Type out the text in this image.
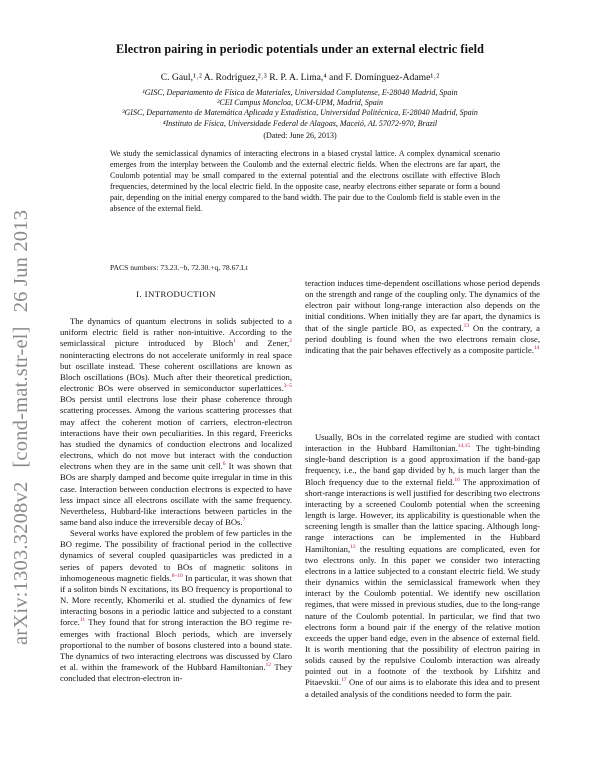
arXiv:1303.3208v2[cond-mat.str-el]26 Jun 2013
Electron pairing in periodic potentials under an external electric field
C. Gaul,¹˒² A. Rodríguez,²˒³ R. P. A. Lima,⁴ and F. Domínguez-Adame¹˒²
¹GISC, Departamento de Física de Materiales, Universidad Complutense, E-28040 Madrid, Spain
²CEI Campus Moncloa, UCM-UPM, Madrid, Spain
³GISC, Departamento de Matemática Aplicada y Estadística, Universidad Politécnica, E-28040 Madrid, Spain
⁴Instituto de Física, Universidade Federal de Alagoas, Maceió, AL 57072-970, Brazil
(Dated: June 26, 2013)
We study the semiclassical dynamics of interacting electrons in a biased crystal lattice. A complex dynamical scenario emerges from the interplay between the Coulomb and the external electric fields. When the electrons are far apart, the Coulomb potential may be small compared to the external potential and the electrons oscillate with effective Bloch frequencies, determined by the local electric field. In the opposite case, nearby electrons either separate or form a bound pair, depending on the initial energy compared to the band width. The pair due to the Coulomb field is stable even in the absence of the external field.
PACS numbers: 73.23.−b, 72.30.+q, 78.67.Lt
I. INTRODUCTION

The dynamics of quantum electrons in solids subjected to a uniform electric field is rather non-intuitive. According to the semiclassical picture introduced by Bloch$^1$ and Zener,$^2$ noninteracting electrons do not accelerate uniformly in real space but oscillate instead. These coherent oscillations are known as Bloch oscillations (BOs). Much after their theoretical prediction, electronic BOs were observed in semiconductor superlattices.$^{3-5}$ BOs persist until electrons lose their phase coherence through scattering processes. Among the various scattering processes that may affect the coherent motion of carriers, electron-electron interactions have their own peculiarities. In this regard, Freericks has studied the dynamics of conduction electrons and localized electrons, which do not move but interact with the conduction electrons when they are in the same unit cell.$^6$ It was shown that BOs are sharply damped and become quite irregular in time in this case. Interaction between conduction electrons is expected to have less impact since all electrons oscillate with the same frequency. Nevertheless, Hubbard-like interactions between particles in the same band also induce the irreversible decay of BOs.$^7$

Several works have explored the problem of few particles in the BO regime. The possibility of fractional period in the collective dynamics of several coupled quasiparticles was predicted in a series of papers devoted to BOs of magnetic solitons in inhomogeneous magnetic fields.$^{8-10}$ In particular, it was shown that if a soliton binds N excitations, its BO frequency is proportional to N. More recently, Khomeriki et al. studied the dynamics of few interacting bosons in a periodic lattice and subjected to a constant force.$^{11}$ They found that for strong interaction the BO regime re-emerges with fractional Bloch periods, which are inversely proportional to the number of bosons clustered into a bound state. The dynamics of two interacting electrons was discussed by Claro et al. within the framework of the Hubbard Hamiltonian.$^{12}$ They concluded that electron-electron in-

teraction induces time-dependent oscillations whose period depends on the strength and range of the coupling only. The dynamics of the electron pair without long-range interaction also depends on the initial conditions. When initially they are far apart, the dynamics is that of the single particle BO, as expected.$^{13}$ On the contrary, a period doubling is found when the two electrons remain close, indicating that the pair behaves effectively as a composite particle.$^{14}$

Usually, BOs in the correlated regime are studied with contact interaction in the Hubbard Hamiltonian.$^{14,15}$ The tight-binding single-band description is a good approximation if the band-gap frequency, i.e., the band gap divided by ħ, is much larger than the Bloch frequency due to the external field.$^{16}$ The approximation of short-range interactions is well justified for describing two electrons interacting by a screened Coulomb potential when the screening length is large. However, its applicability is questionable when the screening length is smaller than the lattice spacing. Although long-range interactions can be implemented in the Hubbard Hamiltonian,$^{12}$ the resulting equations are complicated, even for two electrons only. In this paper we consider two interacting electrons in a lattice subjected to a constant electric field. We study their dynamics within the semiclassical framework when they interact by the Coulomb potential. We identify new oscillation regimes, that were missed in previous studies, due to the long-range nature of the Coulomb potential. In particular, we find that two electrons form a bound pair if the energy of the relative motion exceeds the upper band edge, even in the absence of external field. It is worth mentioning that the possibility of electron pairing in solids caused by the repulsive Coulomb interaction was already pointed out in a footnote of the textbook by Lifshitz and Pitaevskii.$^{17}$ One of our aims is to elaborate this idea and to present a detailed analysis of the conditions needed to form the pair.
